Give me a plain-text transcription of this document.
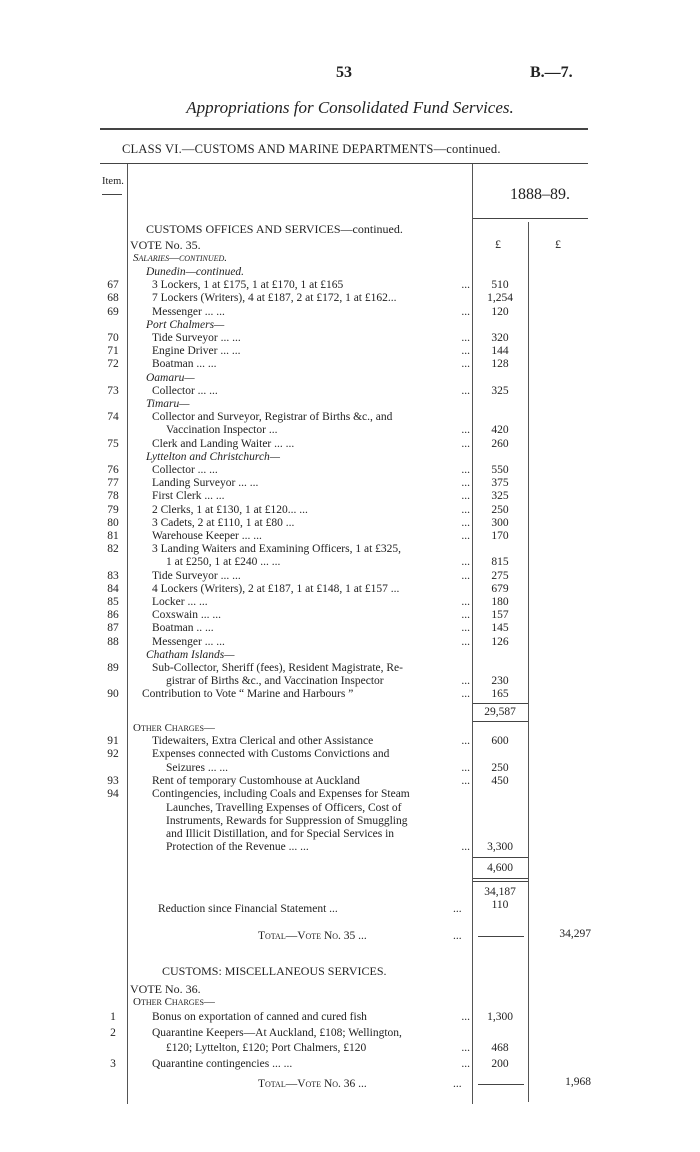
53	B.—7.
Appropriations for Consolidated Fund Services.
CLASS VI.—CUSTOMS AND MARINE DEPARTMENTS—continued.
Item.
1888–89.
CUSTOMS OFFICES AND SERVICES—continued.
£	£
VOTE No. 35.
Salaries—continued.
Dunedin—continued.
67	3 Lockers, 1 at £175, 1 at £170, 1 at £165	...	510
68	7 Lockers (Writers), 4 at £187, 2 at £172, 1 at £162...	1,254
69	Messenger ... ...	...	120
Port Chalmers—
70	Tide Surveyor ... ...	...	320
71	Engine Driver ... ...	...	144
72	Boatman ... ...	...	128
Oamaru—
73	Collector ... ...	...	325
Timaru—
74	Collector and Surveyor, Registrar of Births &c., and
Vaccination Inspector ...	...	420
75	Clerk and Landing Waiter ... ...	...	260
Lyttelton and Christchurch—
76	Collector ... ...	...	550
77	Landing Surveyor ... ...	...	375
78	First Clerk ... ...	...	325
79	2 Clerks, 1 at £130, 1 at £120... ...	...	250
80	3 Cadets, 2 at £110, 1 at £80 ...	...	300
81	Warehouse Keeper ... ...	...	170
82	3 Landing Waiters and Examining Officers, 1 at £325,
1 at £250, 1 at £240 ... ...	...	815
83	Tide Surveyor ... ...	...	275
84	4 Lockers (Writers), 2 at £187, 1 at £148, 1 at £157 ...	679
85	Locker ... ...	...	180
86	Coxswain ... ...	...	157
87	Boatman .. ...	...	145
88	Messenger ... ...	...	126
Chatham Islands—
89	Sub-Collector, Sheriff (fees), Resident Magistrate, Re-
gistrar of Births &c., and Vaccination Inspector	...	230
90	Contribution to Vote “ Marine and Harbours ”	...	165
29,587
Other Charges—
91	Tidewaiters, Extra Clerical and other Assistance	...	600
92	Expenses connected with Customs Convictions and
Seizures ... ...	...	250
93	Rent of temporary Customhouse at Auckland	...	450
94	Contingencies, including Coals and Expenses for Steam
Launches, Travelling Expenses of Officers, Cost of
Instruments, Rewards for Suppression of Smuggling
and Illicit Distillation, and for Special Services in
Protection of the Revenue ... ...	...	3,300
4,600
34,187
Reduction since Financial Statement ...	...	110
Total—Vote No. 35 ...	...	34,297
CUSTOMS: MISCELLANEOUS SERVICES.
VOTE No. 36.
Other Charges—
1	Bonus on exportation of canned and cured fish	...	1,300
2	Quarantine Keepers—At Auckland, £108; Wellington,
£120; Lyttelton, £120; Port Chalmers, £120	...	468
3	Quarantine contingencies ... ...	...	200
Total—Vote No. 36 ...	...	1,968
